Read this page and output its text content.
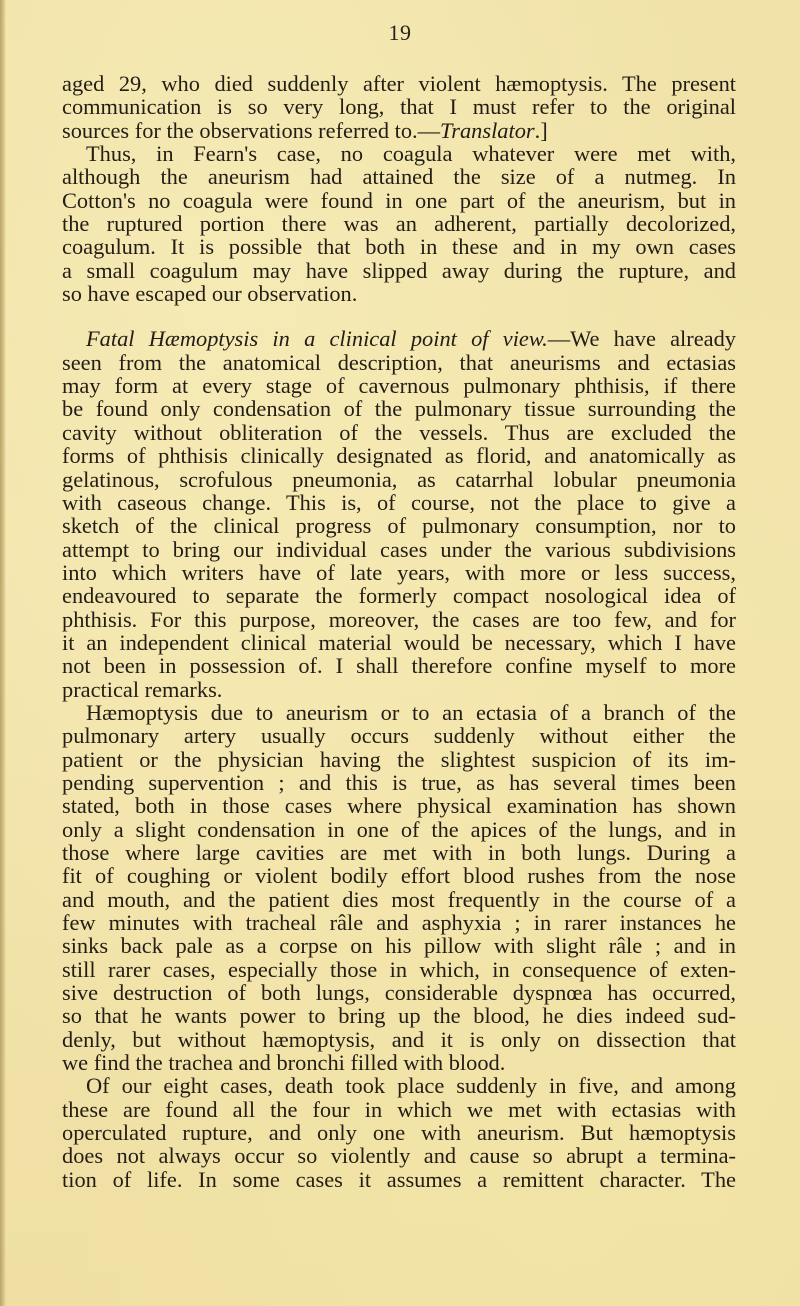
19
aged 29, who died suddenly after violent hæmoptysis. The present
communication is so very long, that I must refer to the original
sources for the observations referred to.—Translator.]
Thus, in Fearn's case, no coagula whatever were met with,
although the aneurism had attained the size of a nutmeg. In
Cotton's no coagula were found in one part of the aneurism, but in
the ruptured portion there was an adherent, partially decolorized,
coagulum. It is possible that both in these and in my own cases
a small coagulum may have slipped away during the rupture, and
so have escaped our observation.
Fatal Hæmoptysis in a clinical point of view.—We have already
seen from the anatomical description, that aneurisms and ectasias
may form at every stage of cavernous pulmonary phthisis, if there
be found only condensation of the pulmonary tissue surrounding the
cavity without obliteration of the vessels. Thus are excluded the
forms of phthisis clinically designated as florid, and anatomically as
gelatinous, scrofulous pneumonia, as catarrhal lobular pneumonia
with caseous change. This is, of course, not the place to give a
sketch of the clinical progress of pulmonary consumption, nor to
attempt to bring our individual cases under the various subdivisions
into which writers have of late years, with more or less success,
endeavoured to separate the formerly compact nosological idea of
phthisis. For this purpose, moreover, the cases are too few, and for
it an independent clinical material would be necessary, which I have
not been in possession of. I shall therefore confine myself to more
practical remarks.
Hæmoptysis due to aneurism or to an ectasia of a branch of the
pulmonary artery usually occurs suddenly without either the
patient or the physician having the slightest suspicion of its im-
pending supervention ; and this is true, as has several times been
stated, both in those cases where physical examination has shown
only a slight condensation in one of the apices of the lungs, and in
those where large cavities are met with in both lungs. During a
fit of coughing or violent bodily effort blood rushes from the nose
and mouth, and the patient dies most frequently in the course of a
few minutes with tracheal râle and asphyxia ; in rarer instances he
sinks back pale as a corpse on his pillow with slight râle ; and in
still rarer cases, especially those in which, in consequence of exten-
sive destruction of both lungs, considerable dyspnœa has occurred,
so that he wants power to bring up the blood, he dies indeed sud-
denly, but without hæmoptysis, and it is only on dissection that
we find the trachea and bronchi filled with blood.
Of our eight cases, death took place suddenly in five, and among
these are found all the four in which we met with ectasias with
operculated rupture, and only one with aneurism. But hæmoptysis
does not always occur so violently and cause so abrupt a termina-
tion of life. In some cases it assumes a remittent character. The
